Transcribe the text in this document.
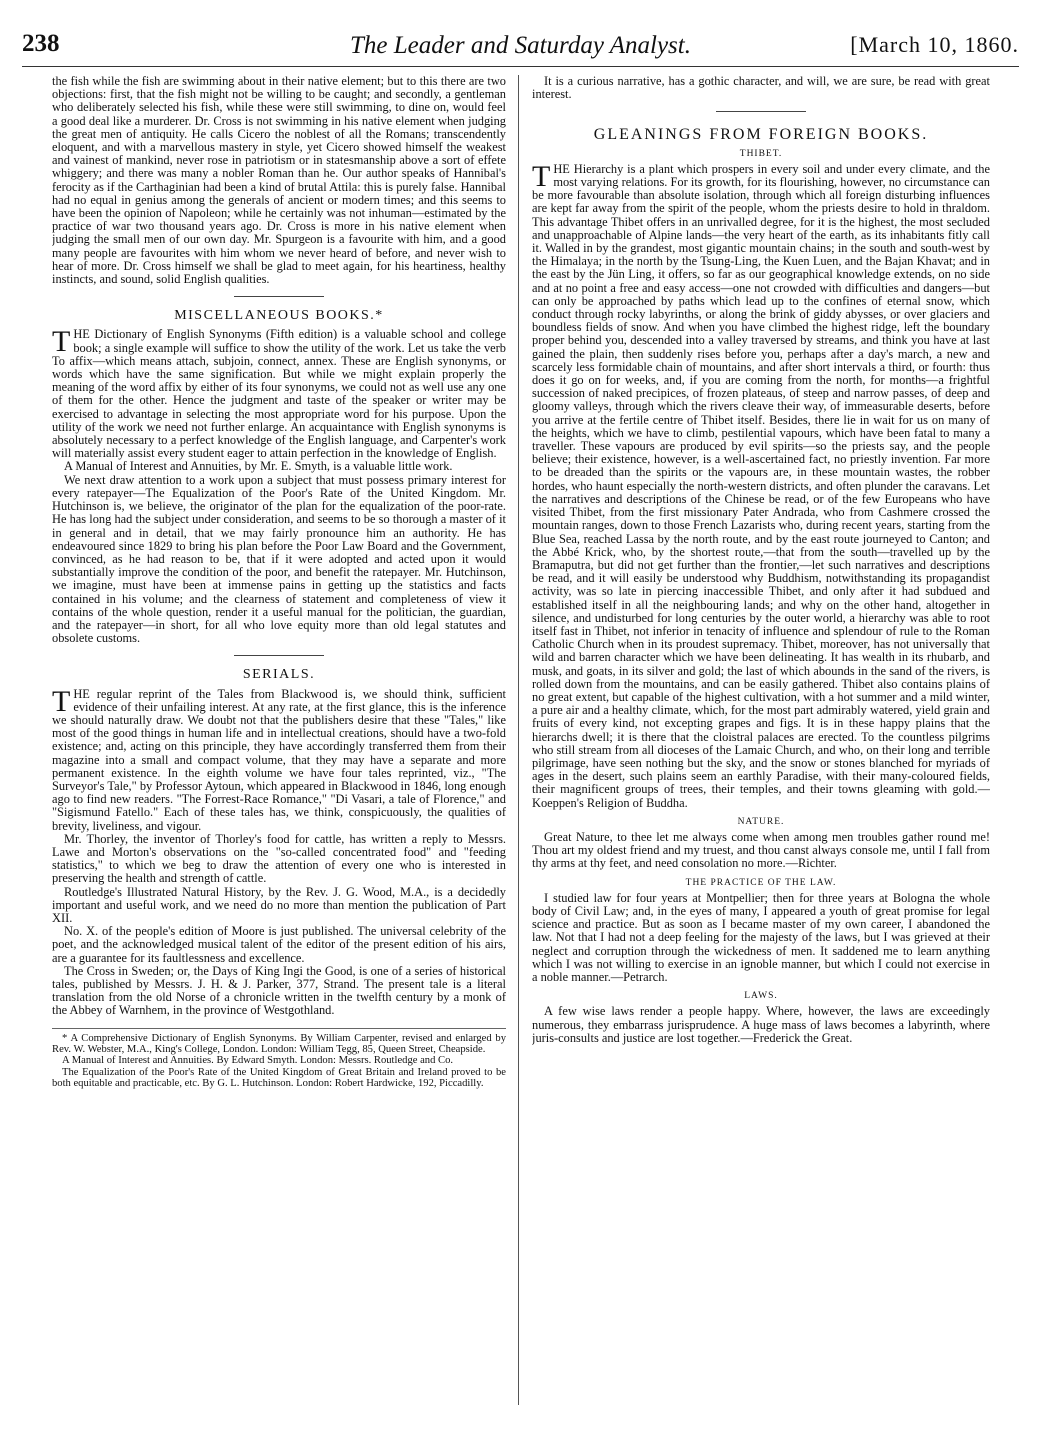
238	The Leader and Saturday Analyst.	[March 10, 1860.

the fish while the fish are swimming about in their native element; but to this there are two objections: first, that the fish might not be willing to be caught; and secondly, a gentleman who deliberately selected his fish, while these were still swimming, to dine on, would feel a good deal like a murderer. Dr. Cross is not swimming in his native element when judging the great men of antiquity. He calls Cicero the noblest of all the Romans; transcendently eloquent, and with a marvellous mastery in style, yet Cicero showed himself the weakest and vainest of mankind, never rose in patriotism or in statesmanship above a sort of effete whiggery; and there was many a nobler Roman than he. Our author speaks of Hannibal's ferocity as if the Carthaginian had been a kind of brutal Attila: this is purely false. Hannibal had no equal in genius among the generals of ancient or modern times; and this seems to have been the opinion of Napoleon; while he certainly was not inhuman—estimated by the practice of war two thousand years ago. Dr. Cross is more in his native element when judging the small men of our own day. Mr. Spurgeon is a favourite with him, and a good many people are favourites with him whom we never heard of before, and never wish to hear of more. Dr. Cross himself we shall be glad to meet again, for his heartiness, healthy instincts, and sound, solid English qualities.

MISCELLANEOUS BOOKS.*

THE Dictionary of English Synonyms (Fifth edition) is a valuable school and college book; a single example will suffice to show the utility of the work. Let us take the verb To affix—which means attach, subjoin, connect, annex. These are English synonyms, or words which have the same signification. But while we might explain properly the meaning of the word affix by either of its four synonyms, we could not as well use any one of them for the other. Hence the judgment and taste of the speaker or writer may be exercised to advantage in selecting the most appropriate word for his purpose. Upon the utility of the work we need not further enlarge. An acquaintance with English synonyms is absolutely necessary to a perfect knowledge of the English language, and Carpenter's work will materially assist every student eager to attain perfection in the knowledge of English.

A Manual of Interest and Annuities, by Mr. E. Smyth, is a valuable little work.

We next draw attention to a work upon a subject that must possess primary interest for every ratepayer—The Equalization of the Poor's Rate of the United Kingdom. Mr. Hutchinson is, we believe, the originator of the plan for the equalization of the poor-rate. He has long had the subject under consideration, and seems to be so thorough a master of it in general and in detail, that we may fairly pronounce him an authority. He has endeavoured since 1829 to bring his plan before the Poor Law Board and the Government, convinced, as he had reason to be, that if it were adopted and acted upon it would substantially improve the condition of the poor, and benefit the ratepayer. Mr. Hutchinson, we imagine, must have been at immense pains in getting up the statistics and facts contained in his volume; and the clearness of statement and completeness of view it contains of the whole question, render it a useful manual for the politician, the guardian, and the ratepayer—in short, for all who love equity more than old legal statutes and obsolete customs.

SERIALS.

THE regular reprint of the Tales from Blackwood is, we should think, sufficient evidence of their unfailing interest. At any rate, at the first glance, this is the inference we should naturally draw. We doubt not that the publishers desire that these "Tales," like most of the good things in human life and in intellectual creations, should have a two-fold existence; and, acting on this principle, they have accordingly transferred them from their magazine into a small and compact volume, that they may have a separate and more permanent existence. In the eighth volume we have four tales reprinted, viz., "The Surveyor's Tale," by Professor Aytoun, which appeared in Blackwood in 1846, long enough ago to find new readers. "The Forrest-Race Romance," "Di Vasari, a tale of Florence," and "Sigismund Fatello." Each of these tales has, we think, conspicuously, the qualities of brevity, liveliness, and vigour.

Mr. Thorley, the inventor of Thorley's food for cattle, has written a reply to Messrs. Lawe and Morton's observations on the "so-called concentrated food" and "feeding statistics," to which we beg to draw the attention of every one who is interested in preserving the health and strength of cattle.

Routledge's Illustrated Natural History, by the Rev. J. G. Wood, M.A., is a decidedly important and useful work, and we need do no more than mention the publication of Part XII.

No. X. of the people's edition of Moore is just published. The universal celebrity of the poet, and the acknowledged musical talent of the editor of the present edition of his airs, are a guarantee for its faultlessness and excellence.

The Cross in Sweden; or, the Days of King Ingi the Good, is one of a series of historical tales, published by Messrs. J. H. & J. Parker, 377, Strand. The present tale is a literal translation from the old Norse of a chronicle written in the twelfth century by a monk of the Abbey of Warnhem, in the province of Westgothland.

* A Comprehensive Dictionary of English Synonyms. By William Carpenter, revised and enlarged by Rev. W. Webster, M.A., King's College, London. London: William Tegg, 85, Queen Street, Cheapside.

A Manual of Interest and Annuities. By Edward Smyth. London: Messrs. Routledge and Co.

The Equalization of the Poor's Rate of the United Kingdom of Great Britain and Ireland proved to be both equitable and practicable, etc. By G. L. Hutchinson. London: Robert Hardwicke, 192, Piccadilly.

It is a curious narrative, has a gothic character, and will, we are sure, be read with great interest.

GLEANINGS FROM FOREIGN BOOKS.
THIBET.

THE Hierarchy is a plant which prospers in every soil and under every climate, and the most varying relations. For its growth, for its flourishing, however, no circumstance can be more favourable than absolute isolation, through which all foreign disturbing influences are kept far away from the spirit of the people, whom the priests desire to hold in thraldom. This advantage Thibet offers in an unrivalled degree, for it is the highest, the most secluded and unapproachable of Alpine lands—the very heart of the earth, as its inhabitants fitly call it. Walled in by the grandest, most gigantic mountain chains; in the south and south-west by the Himalaya; in the north by the Tsung-Ling, the Kuen Luen, and the Bajan Khavat; and in the east by the Jün Ling, it offers, so far as our geographical knowledge extends, on no side and at no point a free and easy access—one not crowded with difficulties and dangers—but can only be approached by paths which lead up to the confines of eternal snow, which conduct through rocky labyrinths, or along the brink of giddy abysses, or over glaciers and boundless fields of snow. And when you have climbed the highest ridge, left the boundary proper behind you, descended into a valley traversed by streams, and think you have at last gained the plain, then suddenly rises before you, perhaps after a day's march, a new and scarcely less formidable chain of mountains, and after short intervals a third, or fourth: thus does it go on for weeks, and, if you are coming from the north, for months—a frightful succession of naked precipices, of frozen plateaus, of steep and narrow passes, of deep and gloomy valleys, through which the rivers cleave their way, of immeasurable deserts, before you arrive at the fertile centre of Thibet itself. Besides, there lie in wait for us on many of the heights, which we have to climb, pestilential vapours, which have been fatal to many a traveller. These vapours are produced by evil spirits—so the priests say, and the people believe; their existence, however, is a well-ascertained fact, no priestly invention. Far more to be dreaded than the spirits or the vapours are, in these mountain wastes, the robber hordes, who haunt especially the north-western districts, and often plunder the caravans. Let the narratives and descriptions of the Chinese be read, or of the few Europeans who have visited Thibet, from the first missionary Pater Andrada, who from Cashmere crossed the mountain ranges, down to those French Lazarists who, during recent years, starting from the Blue Sea, reached Lassa by the north route, and by the east route journeyed to Canton; and the Abbé Krick, who, by the shortest route,—that from the south—travelled up by the Bramaputra, but did not get further than the frontier,—let such narratives and descriptions be read, and it will easily be understood why Buddhism, notwithstanding its propagandist activity, was so late in piercing inaccessible Thibet, and only after it had subdued and established itself in all the neighbouring lands; and why on the other hand, altogether in silence, and undisturbed for long centuries by the outer world, a hierarchy was able to root itself fast in Thibet, not inferior in tenacity of influence and splendour of rule to the Roman Catholic Church when in its proudest supremacy. Thibet, moreover, has not universally that wild and barren character which we have been delineating. It has wealth in its rhubarb, and musk, and goats, in its silver and gold; the last of which abounds in the sand of the rivers, is rolled down from the mountains, and can be easily gathered. Thibet also contains plains of no great extent, but capable of the highest cultivation, with a hot summer and a mild winter, a pure air and a healthy climate, which, for the most part admirably watered, yield grain and fruits of every kind, not excepting grapes and figs. It is in these happy plains that the hierarchs dwell; it is there that the cloistral palaces are erected. To the countless pilgrims who still stream from all dioceses of the Lamaic Church, and who, on their long and terrible pilgrimage, have seen nothing but the sky, and the snow or stones blanched for myriads of ages in the desert, such plains seem an earthly Paradise, with their many-coloured fields, their magnificent groups of trees, their temples, and their towns gleaming with gold.—Koeppen's Religion of Buddha.

NATURE.

Great Nature, to thee let me always come when among men troubles gather round me! Thou art my oldest friend and my truest, and thou canst always console me, until I fall from thy arms at thy feet, and need consolation no more.—Richter.

THE PRACTICE OF THE LAW.

I studied law for four years at Montpellier; then for three years at Bologna the whole body of Civil Law; and, in the eyes of many, I appeared a youth of great promise for legal science and practice. But as soon as I became master of my own career, I abandoned the law. Not that I had not a deep feeling for the majesty of the laws, but I was grieved at their neglect and corruption through the wickedness of men. It saddened me to learn anything which I was not willing to exercise in an ignoble manner, but which I could not exercise in a noble manner.—Petrarch.

LAWS.

A few wise laws render a people happy. Where, however, the laws are exceedingly numerous, they embarrass jurisprudence. A huge mass of laws becomes a labyrinth, where juris-consults and justice are lost together.—Frederick the Great.
